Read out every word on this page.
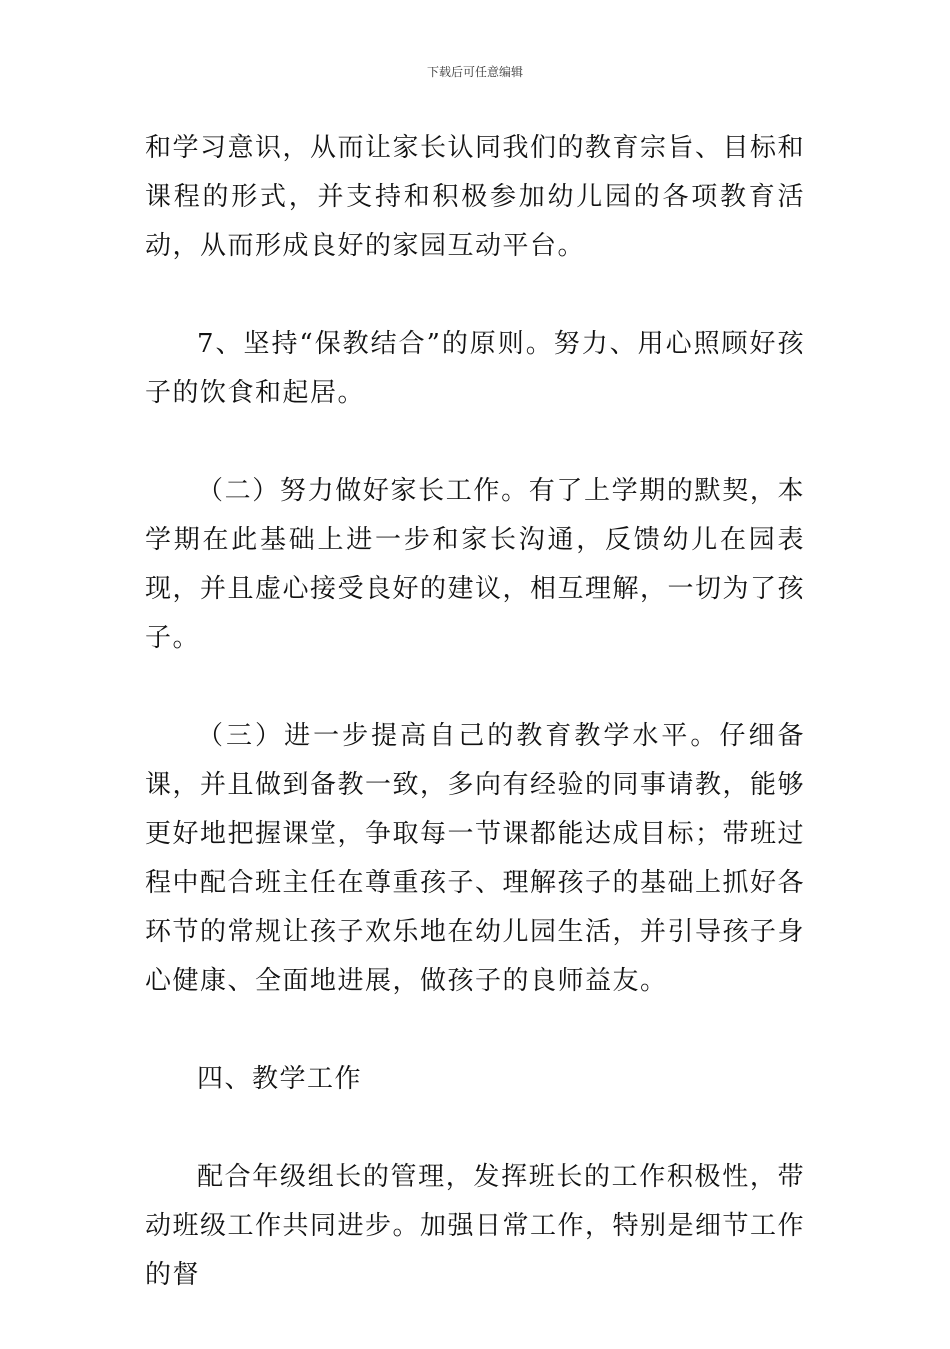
下载后可任意编辑

和学习意识，从而让家长认同我们的教育宗旨、目标和课程的形式，并支持和积极参加幼儿园的各项教育活动，从而形成良好的家园互动平台。

7、坚持“保教结合”的原则。努力、用心照顾好孩子的饮食和起居。

（二）努力做好家长工作。有了上学期的默契，本学期在此基础上进一步和家长沟通，反馈幼儿在园表现，并且虚心接受良好的建议，相互理解，一切为了孩子。

（三）进一步提高自己的教育教学水平。仔细备课，并且做到备教一致，多向有经验的同事请教，能够更好地把握课堂，争取每一节课都能达成目标；带班过程中配合班主任在尊重孩子、理解孩子的基础上抓好各环节的常规让孩子欢乐地在幼儿园生活，并引导孩子身心健康、全面地进展，做孩子的良师益友。

四、教学工作

配合年级组长的管理，发挥班长的工作积极性，带动班级工作共同进步。加强日常工作，特别是细节工作的督
